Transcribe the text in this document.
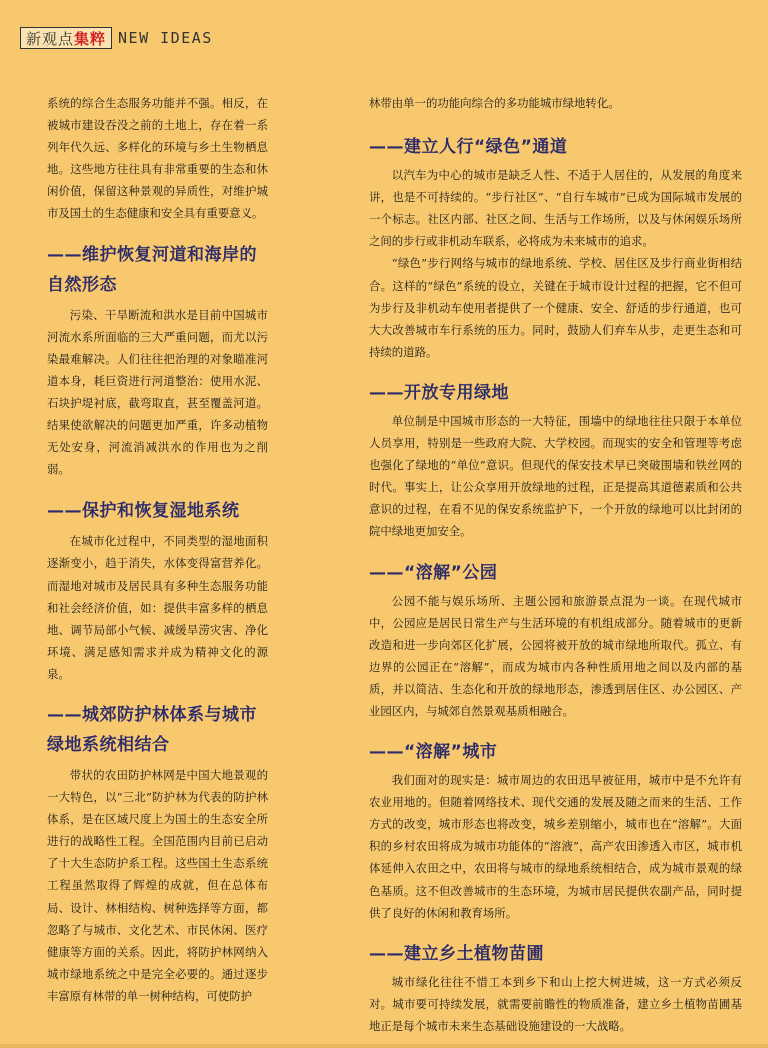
新观点 集粹 NEW IDEAS

系统的综合生态服务功能并不强。相反，在被城市建设吞没之前的土地上，存在着一系列年代久远、多样化的环境与乡土生物栖息地。这些地方往往具有非常重要的生态和休闲价值，保留这种景观的异质性，对维护城市及国土的生态健康和安全具有重要意义。

——维护恢复河道和海岸的自然形态

污染、干旱断流和洪水是目前中国城市河流水系所面临的三大严重问题，而尤以污染最难解决。人们往往把治理的对象瞄准河道本身，耗巨资进行河道整治：使用水泥、石块护堤衬底，截弯取直，甚至覆盖河道。结果使欲解决的问题更加严重，许多动植物无处安身，河流消减洪水的作用也为之削弱。

——保护和恢复湿地系统

在城市化过程中，不同类型的湿地面积逐渐变小，趋于消失，水体变得富营养化。而湿地对城市及居民具有多种生态服务功能和社会经济价值，如：提供丰富多样的栖息地、调节局部小气候、减缓旱涝灾害、净化环境、满足感知需求并成为精神文化的源泉。

——城郊防护林体系与城市绿地系统相结合

带状的农田防护林网是中国大地景观的一大特色，以“三北”防护林为代表的防护林体系，是在区域尺度上为国土的生态安全所进行的战略性工程。全国范围内目前已启动了十大生态防护系工程。这些国土生态系统工程虽然取得了辉煌的成就，但在总体布局、设计、林相结构、树种选择等方面，都忽略了与城市、文化艺术、市民休闲、医疗健康等方面的关系。因此，将防护林网纳入城市绿地系统之中是完全必要的。通过逐步丰富原有林带的单一树种结构，可使防护

林带由单一的功能向综合的多功能城市绿地转化。

——建立人行“绿色”通道

以汽车为中心的城市是缺乏人性、不适于人居住的，从发展的角度来讲，也是不可持续的。“步行社区”、“自行车城市”已成为国际城市发展的一个标志。社区内部、社区之间、生活与工作场所，以及与休闲娱乐场所之间的步行或非机动车联系，必将成为未来城市的追求。

“绿色”步行网络与城市的绿地系统、学校、居住区及步行商业街相结合。这样的“绿色”系统的设立，关键在于城市设计过程的把握，它不但可为步行及非机动车使用者提供了一个健康、安全、舒适的步行通道，也可大大改善城市车行系统的压力。同时，鼓励人们弃车从步，走更生态和可持续的道路。

——开放专用绿地

单位制是中国城市形态的一大特征，围墙中的绿地往往只限于本单位人员享用，特别是一些政府大院、大学校园。而现实的安全和管理等考虑也强化了绿地的“单位”意识。但现代的保安技术早已突破围墙和铁丝网的时代。事实上，让公众享用开放绿地的过程，正是提高其道德素质和公共意识的过程，在看不见的保安系统监护下，一个开放的绿地可以比封闭的院中绿地更加安全。

——“溶解”公园

公园不能与娱乐场所、主题公园和旅游景点混为一谈。在现代城市中，公园应是居民日常生产与生活环境的有机组成部分。随着城市的更新改造和进一步向郊区化扩展，公园将被开放的城市绿地所取代。孤立、有边界的公园正在“溶解”，而成为城市内各种性质用地之间以及内部的基质，并以简洁、生态化和开放的绿地形态，渗透到居住区、办公园区、产业园区内，与城郊自然景观基质相融合。

——“溶解”城市

我们面对的现实是：城市周边的农田迅早被征用，城市中是不允许有农业用地的。但随着网络技术、现代交通的发展及随之而来的生活、工作方式的改变，城市形态也将改变，城乡差别缩小，城市也在“溶解”。大面积的乡村农田将成为城市功能体的“溶液”，高产农田渗透入市区，城市机体延伸入农田之中，农田将与城市的绿地系统相结合，成为城市景观的绿色基质。这不但改善城市的生态环境，为城市居民提供农副产品，同时提供了良好的休闲和教育场所。

——建立乡土植物苗圃

城市绿化往往不惜工本到乡下和山上挖大树进城，这一方式必须反对。城市要可持续发展，就需要前瞻性的物质准备，建立乡土植物苗圃基地正是每个城市未来生态基础设施建设的一大战略。
